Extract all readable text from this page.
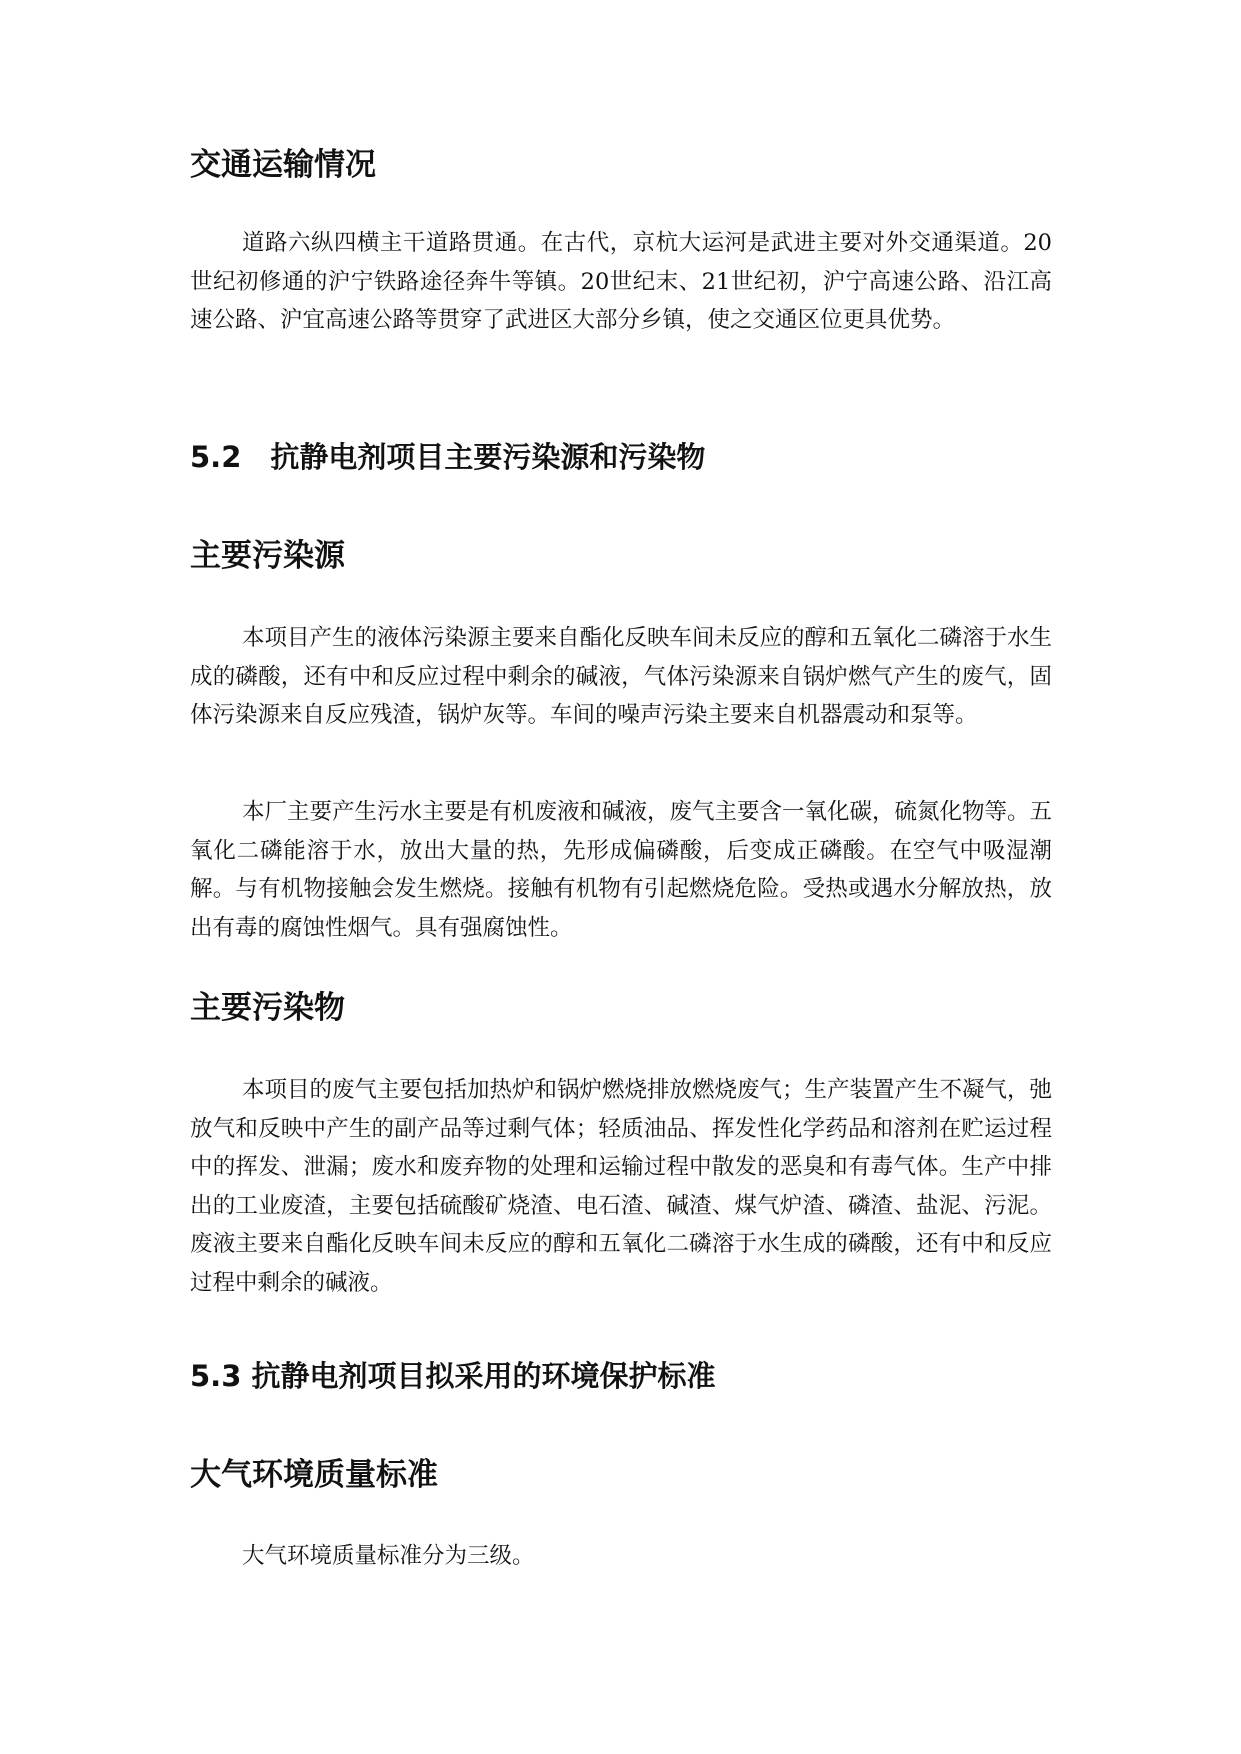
交通运输情况

道路六纵四横主干道路贯通。在古代，京杭大运河是武进主要对外交通渠道。20世纪初修通的沪宁铁路途径奔牛等镇。20世纪末、21世纪初，沪宁高速公路、沿江高速公路、沪宜高速公路等贯穿了武进区大部分乡镇，使之交通区位更具优势。

5.2　抗静电剂项目主要污染源和污染物
主要污染源

本项目产生的液体污染源主要来自酯化反映车间未反应的醇和五氧化二磷溶于水生成的磷酸，还有中和反应过程中剩余的碱液，气体污染源来自锅炉燃气产生的废气，固体污染源来自反应残渣，锅炉灰等。车间的噪声污染主要来自机器震动和泵等。

本厂主要产生污水主要是有机废液和碱液，废气主要含一氧化碳，硫氮化物等。五氧化二磷能溶于水，放出大量的热，先形成偏磷酸，后变成正磷酸。在空气中吸湿潮解。与有机物接触会发生燃烧。接触有机物有引起燃烧危险。受热或遇水分解放热，放出有毒的腐蚀性烟气。具有强腐蚀性。

主要污染物

本项目的废气主要包括加热炉和锅炉燃烧排放燃烧废气；生产装置产生不凝气，弛放气和反映中产生的副产品等过剩气体；轻质油品、挥发性化学药品和溶剂在贮运过程中的挥发、泄漏；废水和废弃物的处理和运输过程中散发的恶臭和有毒气体。生产中排出的工业废渣，主要包括硫酸矿烧渣、电石渣、碱渣、煤气炉渣、磷渣、盐泥、污泥。废液主要来自酯化反映车间未反应的醇和五氧化二磷溶于水生成的磷酸，还有中和反应过程中剩余的碱液。

5.3 抗静电剂项目拟采用的环境保护标准
大气环境质量标准

大气环境质量标准分为三级。
